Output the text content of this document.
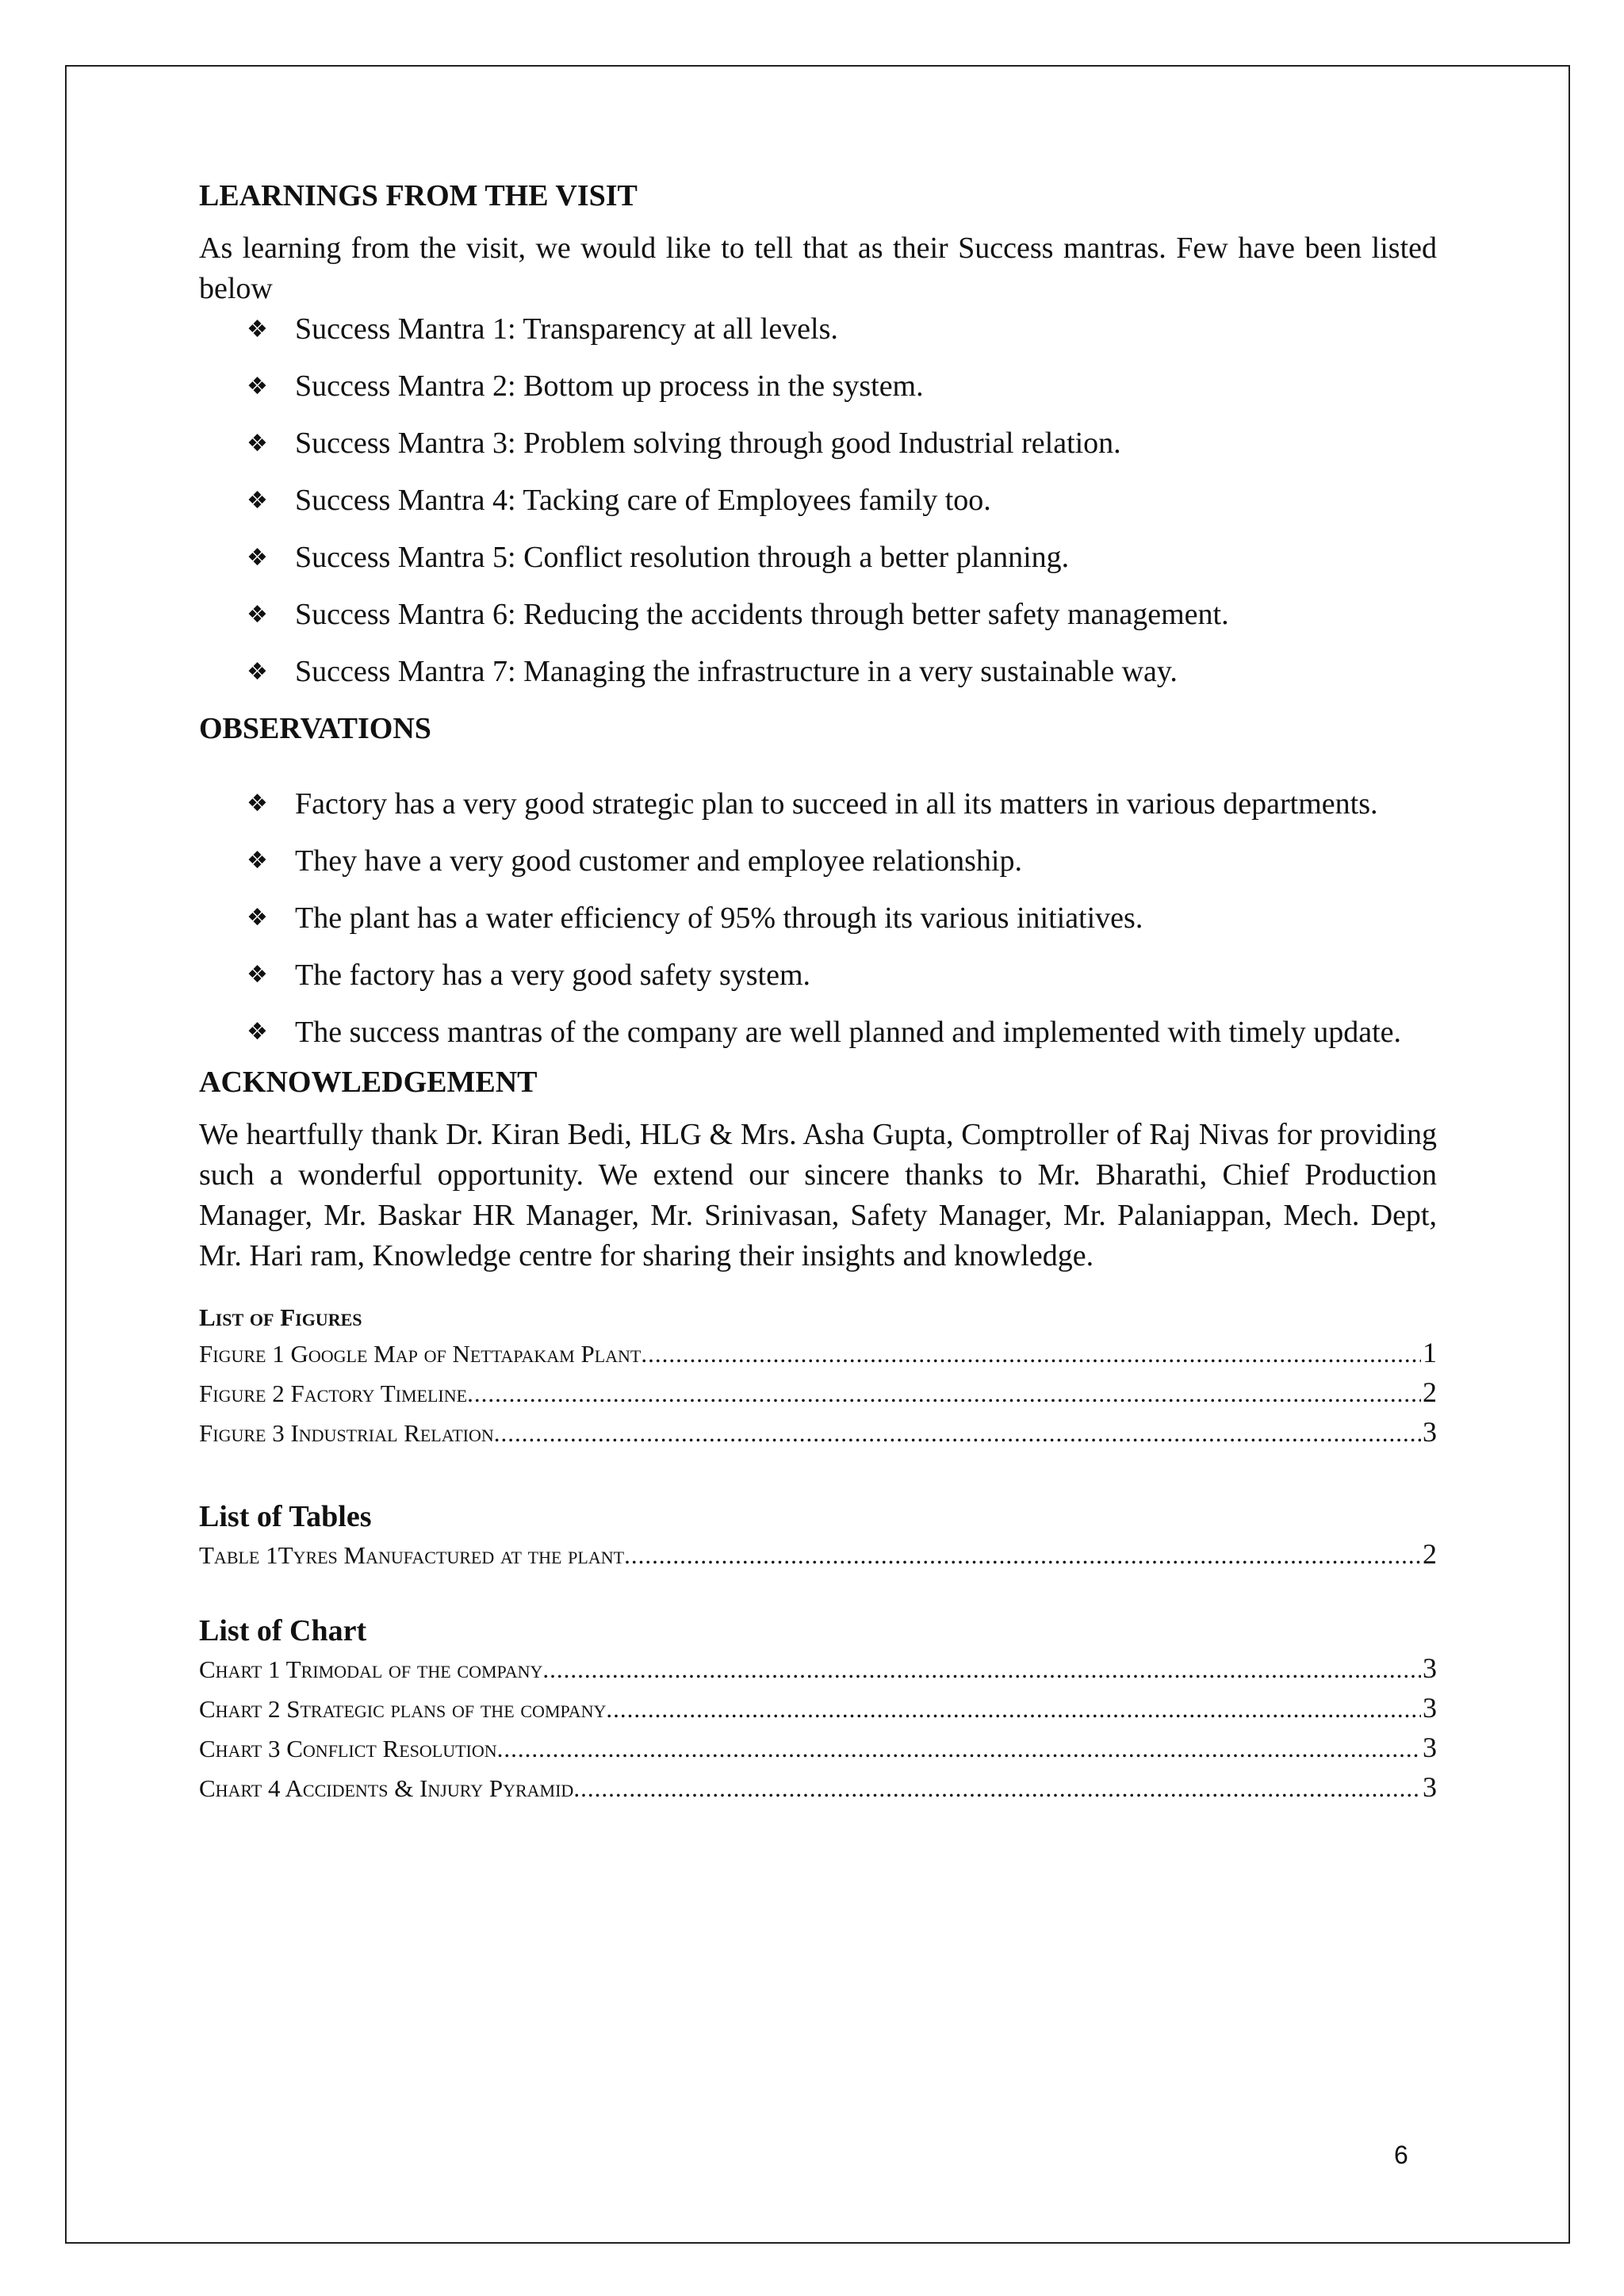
LEARNINGS FROM THE VISIT

As learning from the visit, we would like to tell that as their Success mantras. Few have been listed below

❖ Success Mantra 1: Transparency at all levels.
❖ Success Mantra 2: Bottom up process in the system.
❖ Success Mantra 3: Problem solving through good Industrial relation.
❖ Success Mantra 4: Tacking care of Employees family too.
❖ Success Mantra 5: Conflict resolution through a better planning.
❖ Success Mantra 6: Reducing the accidents through better safety management.
❖ Success Mantra 7: Managing the infrastructure in a very sustainable way.
OBSERVATIONS
❖ Factory has a very good strategic plan to succeed in all its matters in various departments.
❖ They have a very good customer and employee relationship.
❖ The plant has a water efficiency of 95% through its various initiatives.
❖ The factory has a very good safety system.
❖ The success mantras of the company are well planned and implemented with timely update.
ACKNOWLEDGEMENT

We heartfully thank Dr. Kiran Bedi, HLG & Mrs. Asha Gupta, Comptroller of Raj Nivas for providing such a wonderful opportunity. We extend our sincere thanks to Mr. Bharathi, Chief Production Manager, Mr. Baskar HR Manager, Mr. Srinivasan, Safety Manager, Mr. Palaniappan, Mech. Dept, Mr. Hari ram, Knowledge centre for sharing their insights and knowledge.

List of Figures
Figure 1 Google Map of Nettapakam Plant .....	1
Figure 2 Factory Timeline .....	2
Figure 3 Industrial Relation .....	3
List of Tables
Table 1Tyres Manufactured at the plant .....	2
List of Chart
Chart 1 Trimodal of the company .....	3
Chart 2 Strategic plans of the company .....	3
Chart 3 Conflict Resolution .....	3
Chart 4 Accidents & Injury Pyramid .....	3
6
